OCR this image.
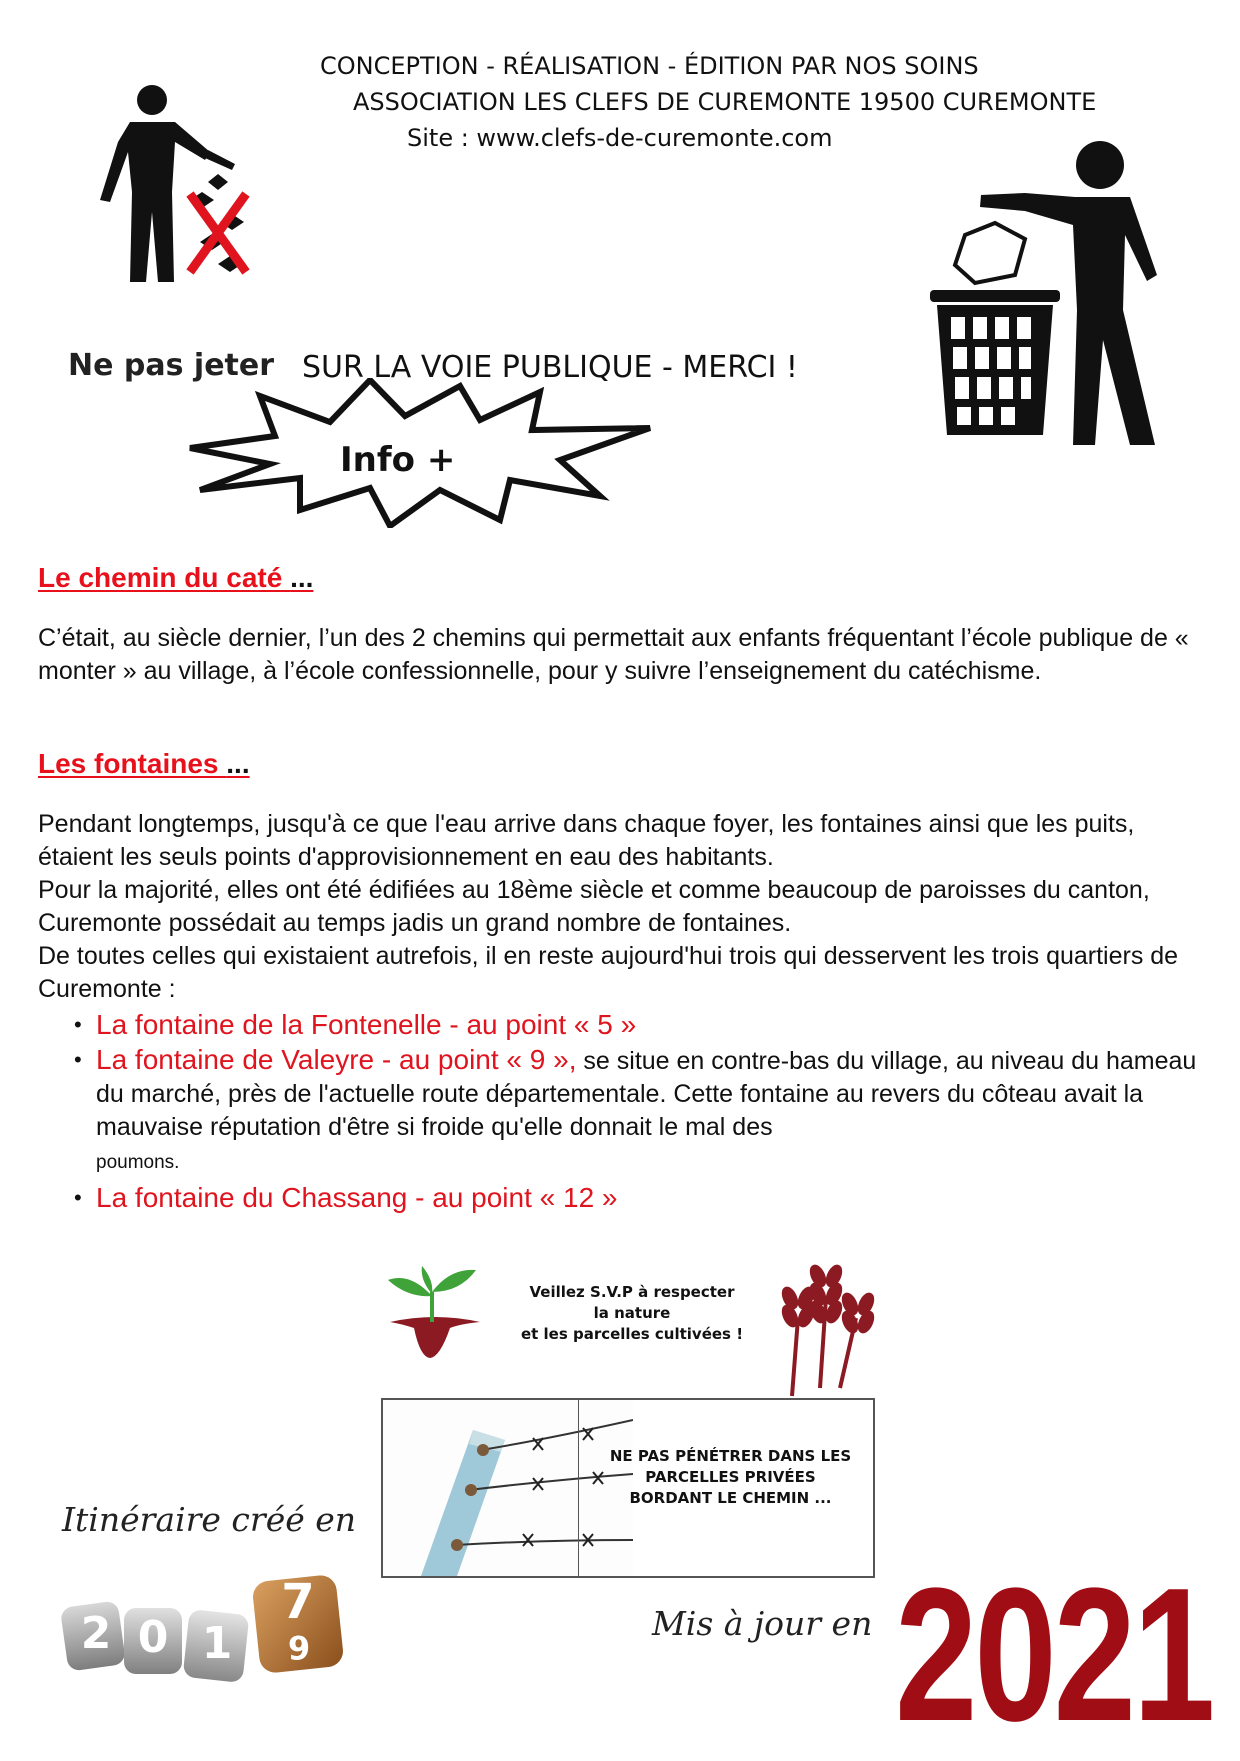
CONCEPTION - RÉALISATION - ÉDITION PAR NOS SOINS
ASSOCIATION LES CLEFS DE CUREMONTE 19500 CUREMONTE
Site : www.clefs-de-curemonte.com
Ne pas jeter SUR LA VOIE PUBLIQUE - MERCI !
Info +
Le chemin du caté ...

C’était, au siècle dernier, l’un des 2 chemins qui permettait aux enfants fréquentant l’école publique de « monter » au village, à l’école confessionnelle, pour y suivre l’enseignement du catéchisme.

Les fontaines ...

Pendant longtemps, jusqu'à ce que l'eau arrive dans chaque foyer, les fontaines ainsi que les puits, étaient les seuls points d'approvisionnement en eau des habitants.

Pour la majorité, elles ont été édifiées au 18ème siècle et comme beaucoup de paroisses du canton, Curemonte possédait au temps jadis un grand nombre de fontaines.

De toutes celles qui existaient autrefois, il en reste aujourd'hui trois qui desservent les trois quartiers de Curemonte :

• La fontaine de la Fontenelle - au point « 5 »
• La fontaine de Valeyre - au point « 9 », se situe en contre-bas du village, au niveau du hameau du marché, près de l'actuelle route départementale. Cette fontaine au revers du côteau avait la mauvaise réputation d'être si froide qu'elle donnait le mal des
poumons.
• La fontaine du Chassang - au point « 12 »
Veillez S.V.P à respecter
la nature
et les parcelles cultivées !
NE PAS PÉNÉTRER DANS LES
PARCELLES PRIVÉES
BORDANT LE CHEMIN ...
Itinéraire créé en
2 0 1
7
6
Mis à jour en 2021
